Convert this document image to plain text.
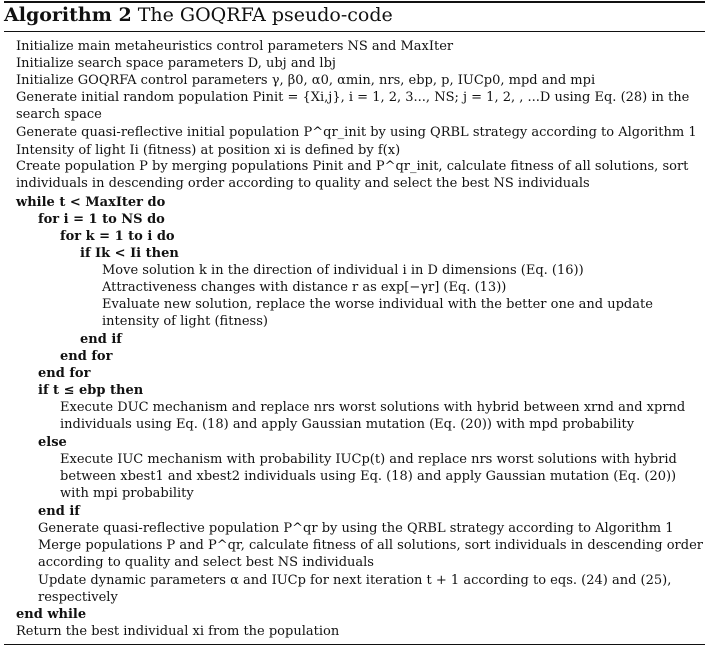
Algorithm 2 The GOQRFA pseudo-code
Initialize main metaheuristics control parameters NS and MaxIter
Initialize search space parameters D, ubj and lbj
Initialize GOQRFA control parameters γ, β0, α0, αmin, nrs, ebp, p, IUCp0, mpd and mpi
Generate initial random population Pinit = {Xi,j}, i = 1, 2, 3..., NS; j = 1, 2, , ...D using Eq. (28) in the search space
Generate quasi-reflective initial population P^qr_init by using QRBL strategy according to Algorithm 1
Intensity of light Ii (fitness) at position xi is defined by f(x)
Create population P by merging populations Pinit and P^qr_init, calculate fitness of all solutions, sort individuals in descending order according to quality and select the best NS individuals
while t < MaxIter do
for i = 1 to NS do
for k = 1 to i do
if Ik < Ii then
Move solution k in the direction of individual i in D dimensions (Eq. (16))
Attractiveness changes with distance r as exp[−γr] (Eq. (13))
Evaluate new solution, replace the worse individual with the better one and update intensity of light (fitness)
end if
end for
end for
if t ≤ ebp then
Execute DUC mechanism and replace nrs worst solutions with hybrid between xrnd and xprnd individuals using Eq. (18) and apply Gaussian mutation (Eq. (20)) with mpd probability
else
Execute IUC mechanism with probability IUCp(t) and replace nrs worst solutions with hybrid between xbest1 and xbest2 individuals using Eq. (18) and apply Gaussian mutation (Eq. (20)) with mpi probability
end if
Generate quasi-reflective population P^qr by using the QRBL strategy according to Algorithm 1
Merge populations P and P^qr, calculate fitness of all solutions, sort individuals in descending order according to quality and select best NS individuals
Update dynamic parameters α and IUCp for next iteration t + 1 according to eqs. (24) and (25), respectively
end while
Return the best individual xi from the population
